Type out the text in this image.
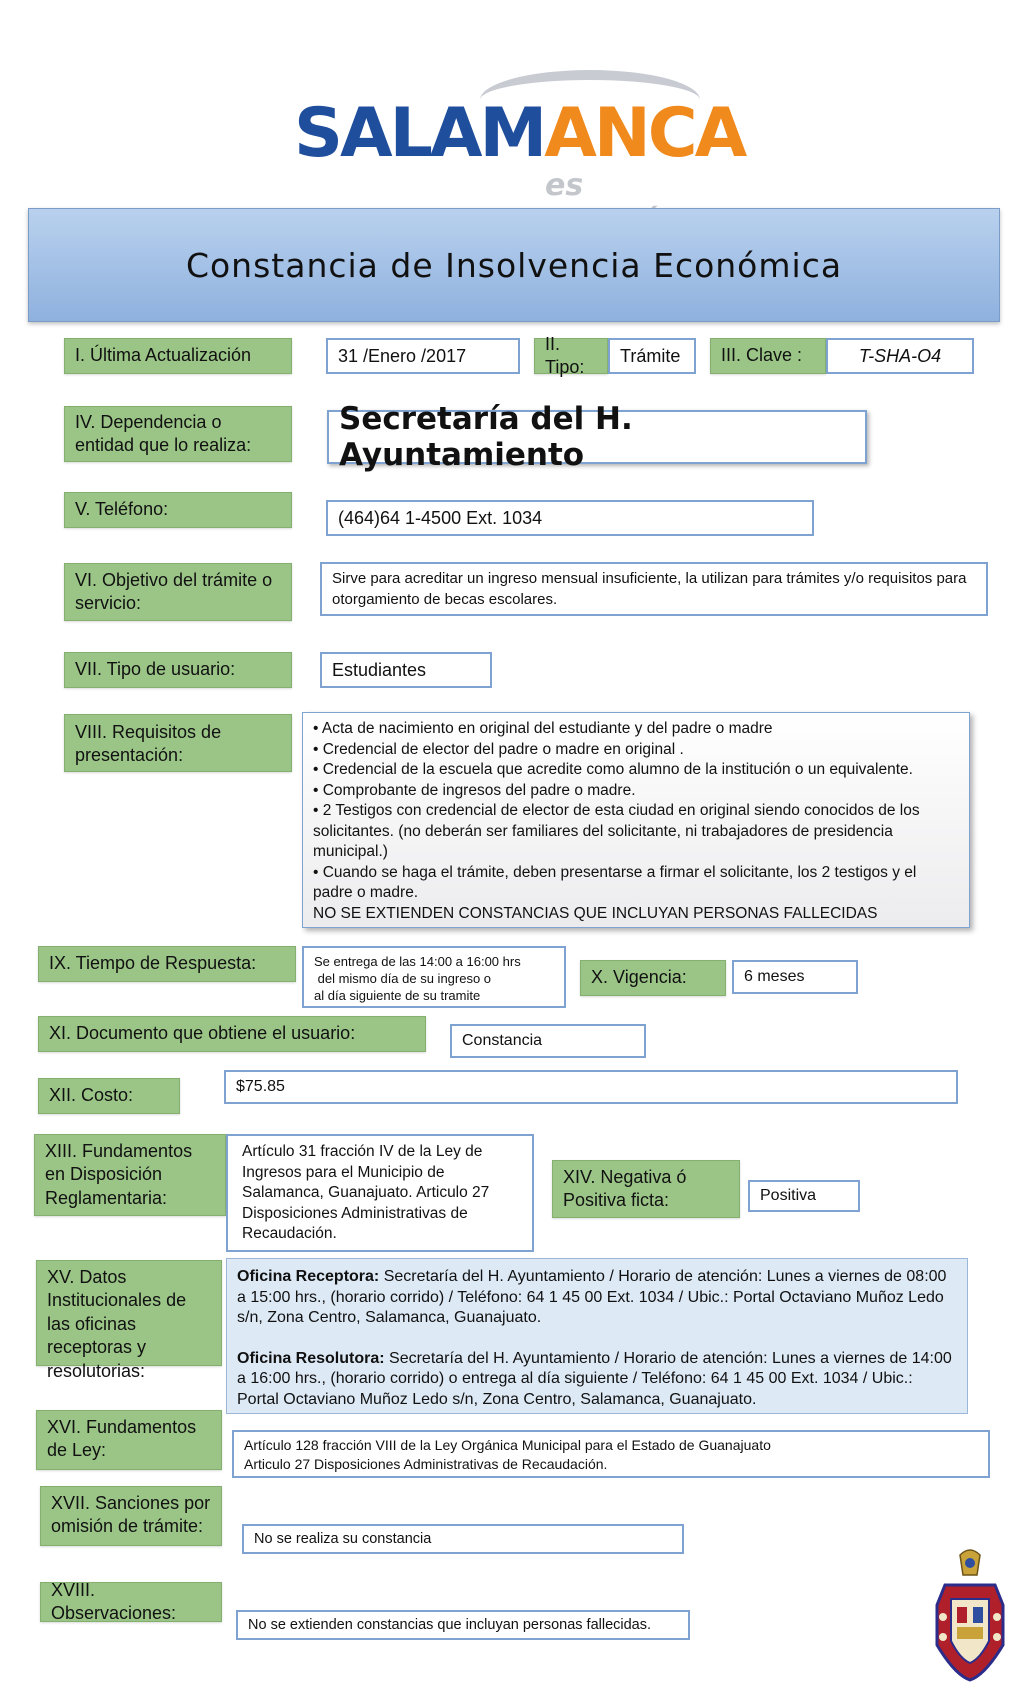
SALAMANCA
es
Constancia de Insolvencia Económica
I. Última Actualización	31 /Enero /2017
II. Tipo:
Trámite	III. Clave :	T-SHA-O4
IV. Dependencia o entidad que lo realiza:
Secretaría del H. Ayuntamiento
V. Teléfono:	(464)64 1-4500 Ext. 1034
VI. Objetivo del trámite o servicio:
Sirve para acreditar un ingreso mensual insuficiente, la utilizan para trámites y/o requisitos para otorgamiento de becas escolares.
VII. Tipo de usuario:	Estudiantes
VIII. Requisitos de presentación:
• Acta de nacimiento en original del estudiante y del padre o madre
• Credencial de elector del padre o madre en original .
• Credencial de la escuela que acredite como alumno de la institución o un equivalente.
• Comprobante de ingresos del padre o madre.
• 2 Testigos con credencial de elector de esta ciudad en original siendo conocidos de los solicitantes. (no deberán ser familiares del solicitante, ni trabajadores de presidencia municipal.)
• Cuando se haga el trámite, deben presentarse a firmar el solicitante, los 2 testigos y el padre o madre.
NO SE EXTIENDEN CONSTANCIAS QUE INCLUYAN PERSONAS FALLECIDAS
IX. Tiempo de Respuesta:	Se entrega de las 14:00 a 16:00 hrs
del mismo día de su ingreso o
al día siguiente de su tramite
X. Vigencia:	6 meses
XI. Documento que obtiene el usuario:	Constancia
XII. Costo:	$75.85
XIII. Fundamentos en Disposición Reglamentaria:
Artículo 31 fracción IV de la Ley de Ingresos para el Municipio de Salamanca, Guanajuato. Articulo 27 Disposiciones Administrativas de Recaudación.
XIV. Negativa ó Positiva ficta:	Positiva
XV. Datos Institucionales de las oficinas receptoras y resolutorias:
Oficina Receptora: Secretaría del H. Ayuntamiento / Horario de atención: Lunes a viernes de 08:00 a 15:00 hrs., (horario corrido) / Teléfono: 64 1 45 00 Ext. 1034 / Ubic.: Portal Octaviano Muñoz Ledo s/n, Zona Centro, Salamanca, Guanajuato.
Oficina Resolutora: Secretaría del H. Ayuntamiento / Horario de atención: Lunes a viernes de 14:00 a 16:00 hrs., (horario corrido) o entrega al día siguiente / Teléfono: 64 1 45 00 Ext. 1034 / Ubic.: Portal Octaviano Muñoz Ledo s/n, Zona Centro, Salamanca, Guanajuato.
XVI. Fundamentos de Ley:	Artículo 128 fracción VIII de la Ley Orgánica Municipal para el Estado de Guanajuato
Articulo 27 Disposiciones Administrativas de Recaudación.
XVII. Sanciones por omisión de trámite:
No se realiza su constancia
XVIII. Observaciones:
No se extienden constancias que incluyan personas fallecidas.
